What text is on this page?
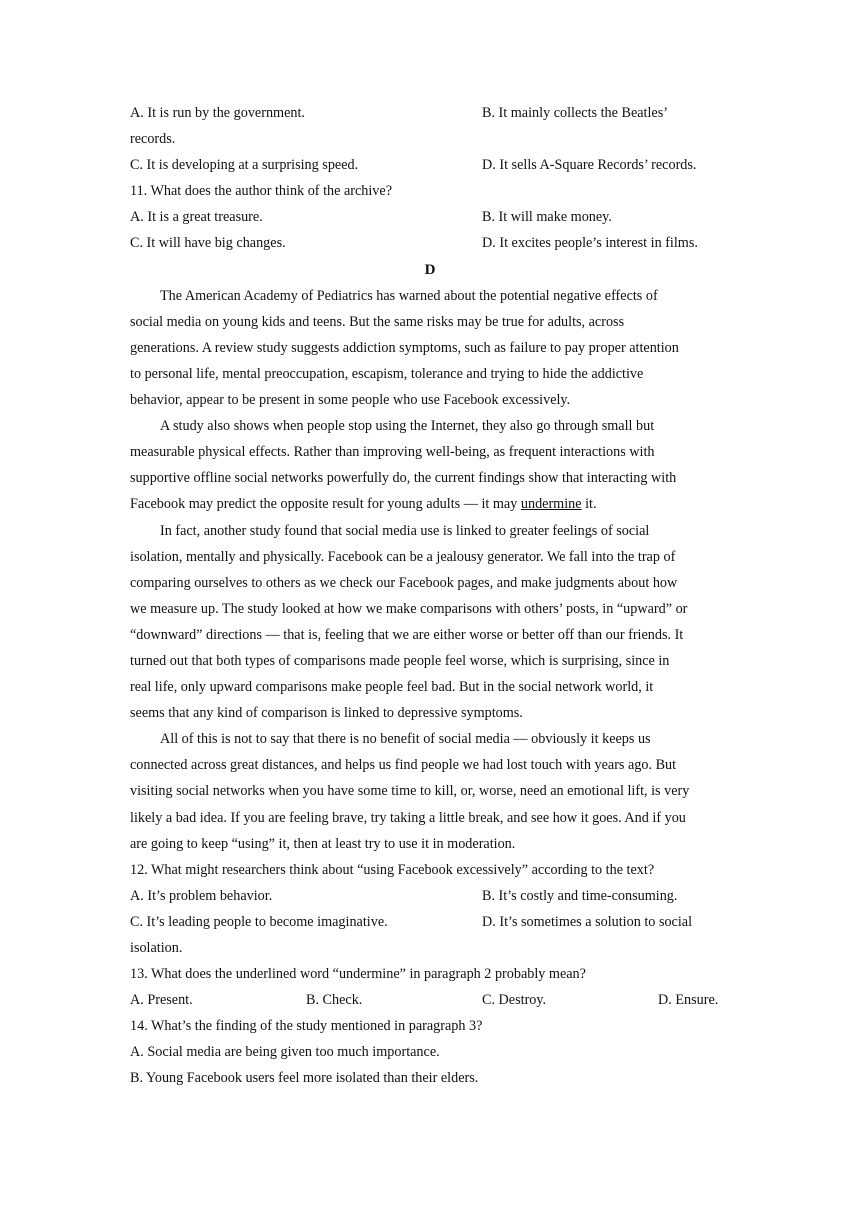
A. It is run by the government.	B. It mainly collects the Beatles’
records.
C. It is developing at a surprising speed.	D. It sells A-Square Records’ records.
11. What does the author think of the archive?
A. It is a great treasure.	B. It will make money.
C. It will have big changes.	D. It excites people’s interest in films.
D
The American Academy of Pediatrics has warned about the potential negative effects of
social media on young kids and teens. But the same risks may be true for adults, across
generations. A review study suggests addiction symptoms, such as failure to pay proper attention
to personal life, mental preoccupation, escapism, tolerance and trying to hide the addictive
behavior, appear to be present in some people who use Facebook excessively.
A study also shows when people stop using the Internet, they also go through small but
measurable physical effects. Rather than improving well-being, as frequent interactions with
supportive offline social networks powerfully do, the current findings show that interacting with
Facebook may predict the opposite result for young adults — it may undermine it.
In fact, another study found that social media use is linked to greater feelings of social
isolation, mentally and physically. Facebook can be a jealousy generator. We fall into the trap of
comparing ourselves to others as we check our Facebook pages, and make judgments about how
we measure up. The study looked at how we make comparisons with others’ posts, in “upward” or
“downward” directions — that is, feeling that we are either worse or better off than our friends. It
turned out that both types of comparisons made people feel worse, which is surprising, since in
real life, only upward comparisons make people feel bad. But in the social network world, it
seems that any kind of comparison is linked to depressive symptoms.
All of this is not to say that there is no benefit of social media — obviously it keeps us
connected across great distances, and helps us find people we had lost touch with years ago. But
visiting social networks when you have some time to kill, or, worse, need an emotional lift, is very
likely a bad idea. If you are feeling brave, try taking a little break, and see how it goes. And if you
are going to keep “using” it, then at least try to use it in moderation.
12. What might researchers think about “using Facebook excessively” according to the text?
A. It’s problem behavior.	B. It’s costly and time-consuming.
C. It’s leading people to become imaginative.	D. It’s sometimes a solution to social
isolation.
13. What does the underlined word “undermine” in paragraph 2 probably mean?
A. Present.	B. Check.	C. Destroy.	D. Ensure.
14. What’s the finding of the study mentioned in paragraph 3?
A. Social media are being given too much importance.
B. Young Facebook users feel more isolated than their elders.
